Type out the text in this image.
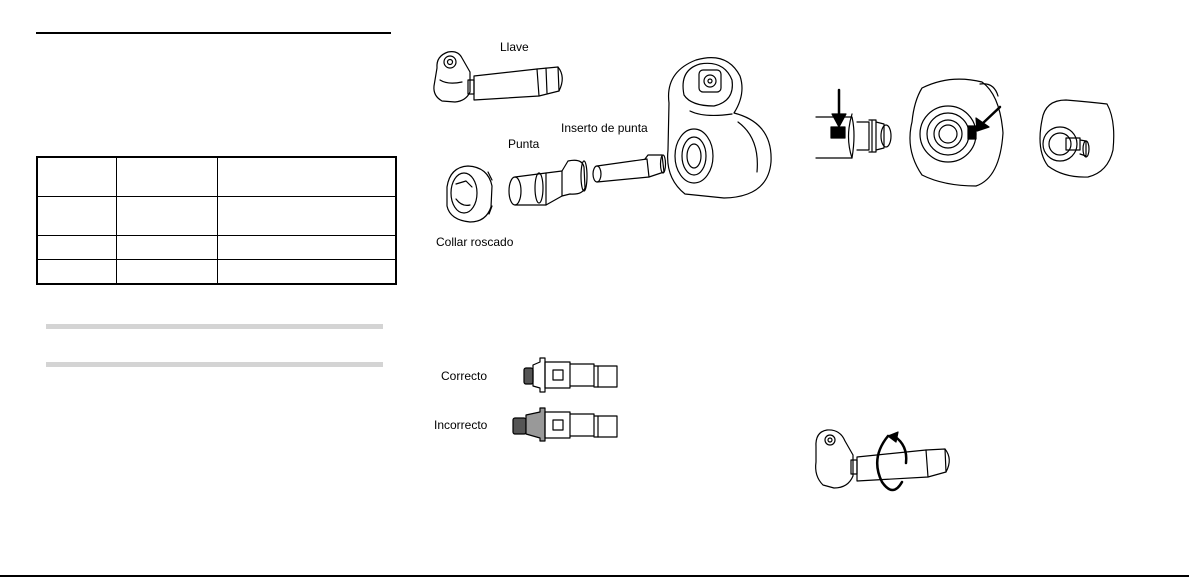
Llave
Inserto de punta
Punta
Collar roscado
Correcto
Incorrecto
